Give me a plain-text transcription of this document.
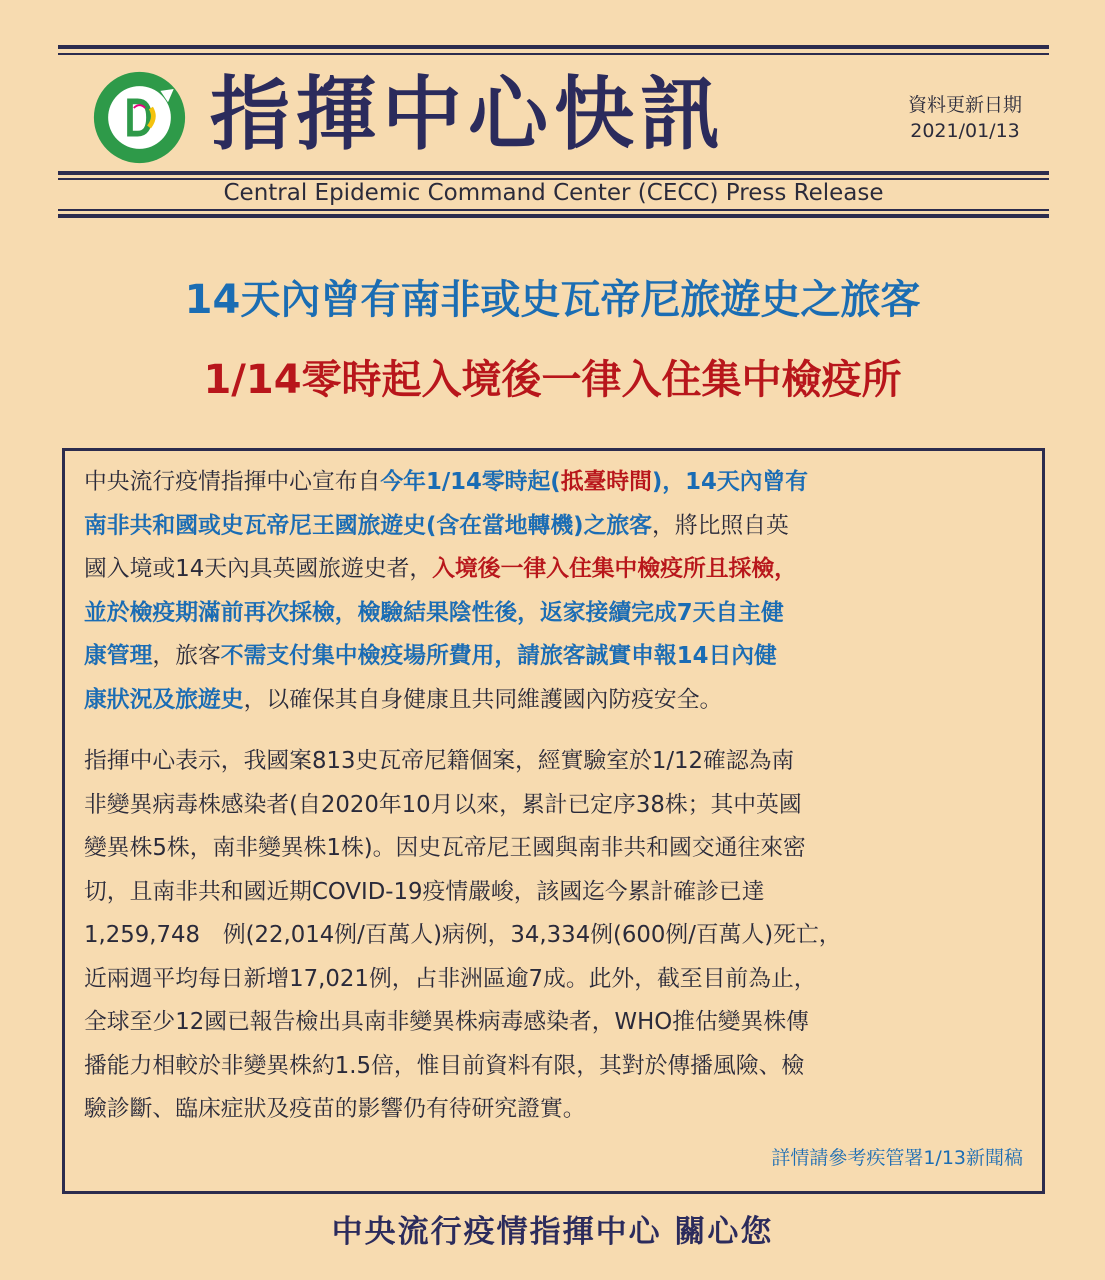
指揮中心快訊	資料更新日期
2021/01/13
Central Epidemic Command Center (CECC) Press Release
14天內曾有南非或史瓦帝尼旅遊史之旅客
1/14零時起入境後一律入住集中檢疫所
中央流行疫情指揮中心宣布自今年1/14零時起(抵臺時間)，14天內曾有
南非共和國或史瓦帝尼王國旅遊史(含在當地轉機)之旅客，將比照自英
國入境或14天內具英國旅遊史者，入境後一律入住集中檢疫所且採檢，
並於檢疫期滿前再次採檢，檢驗結果陰性後，返家接續完成7天自主健
康管理，旅客不需支付集中檢疫場所費用，請旅客誠實申報14日內健
康狀況及旅遊史，以確保其自身健康且共同維護國內防疫安全。
指揮中心表示，我國案813史瓦帝尼籍個案，經實驗室於1/12確認為南
非變異病毒株感染者(自2020年10月以來，累計已定序38株；其中英國
變異株5株，南非變異株1株)。因史瓦帝尼王國與南非共和國交通往來密
切，且南非共和國近期COVID-19疫情嚴峻，該國迄今累計確診已達
1,259,748　例(22,014例/百萬人)病例，34,334例(600例/百萬人)死亡，
近兩週平均每日新增17,021例，占非洲區逾7成。此外，截至目前為止，
全球至少12國已報告檢出具南非變異株病毒感染者，WHO推估變異株傳
播能力相較於非變異株約1.5倍，惟目前資料有限，其對於傳播風險、檢
驗診斷、臨床症狀及疫苗的影響仍有待研究證實。
詳情請參考疾管署1/13新聞稿
中央流行疫情指揮中心 關心您
